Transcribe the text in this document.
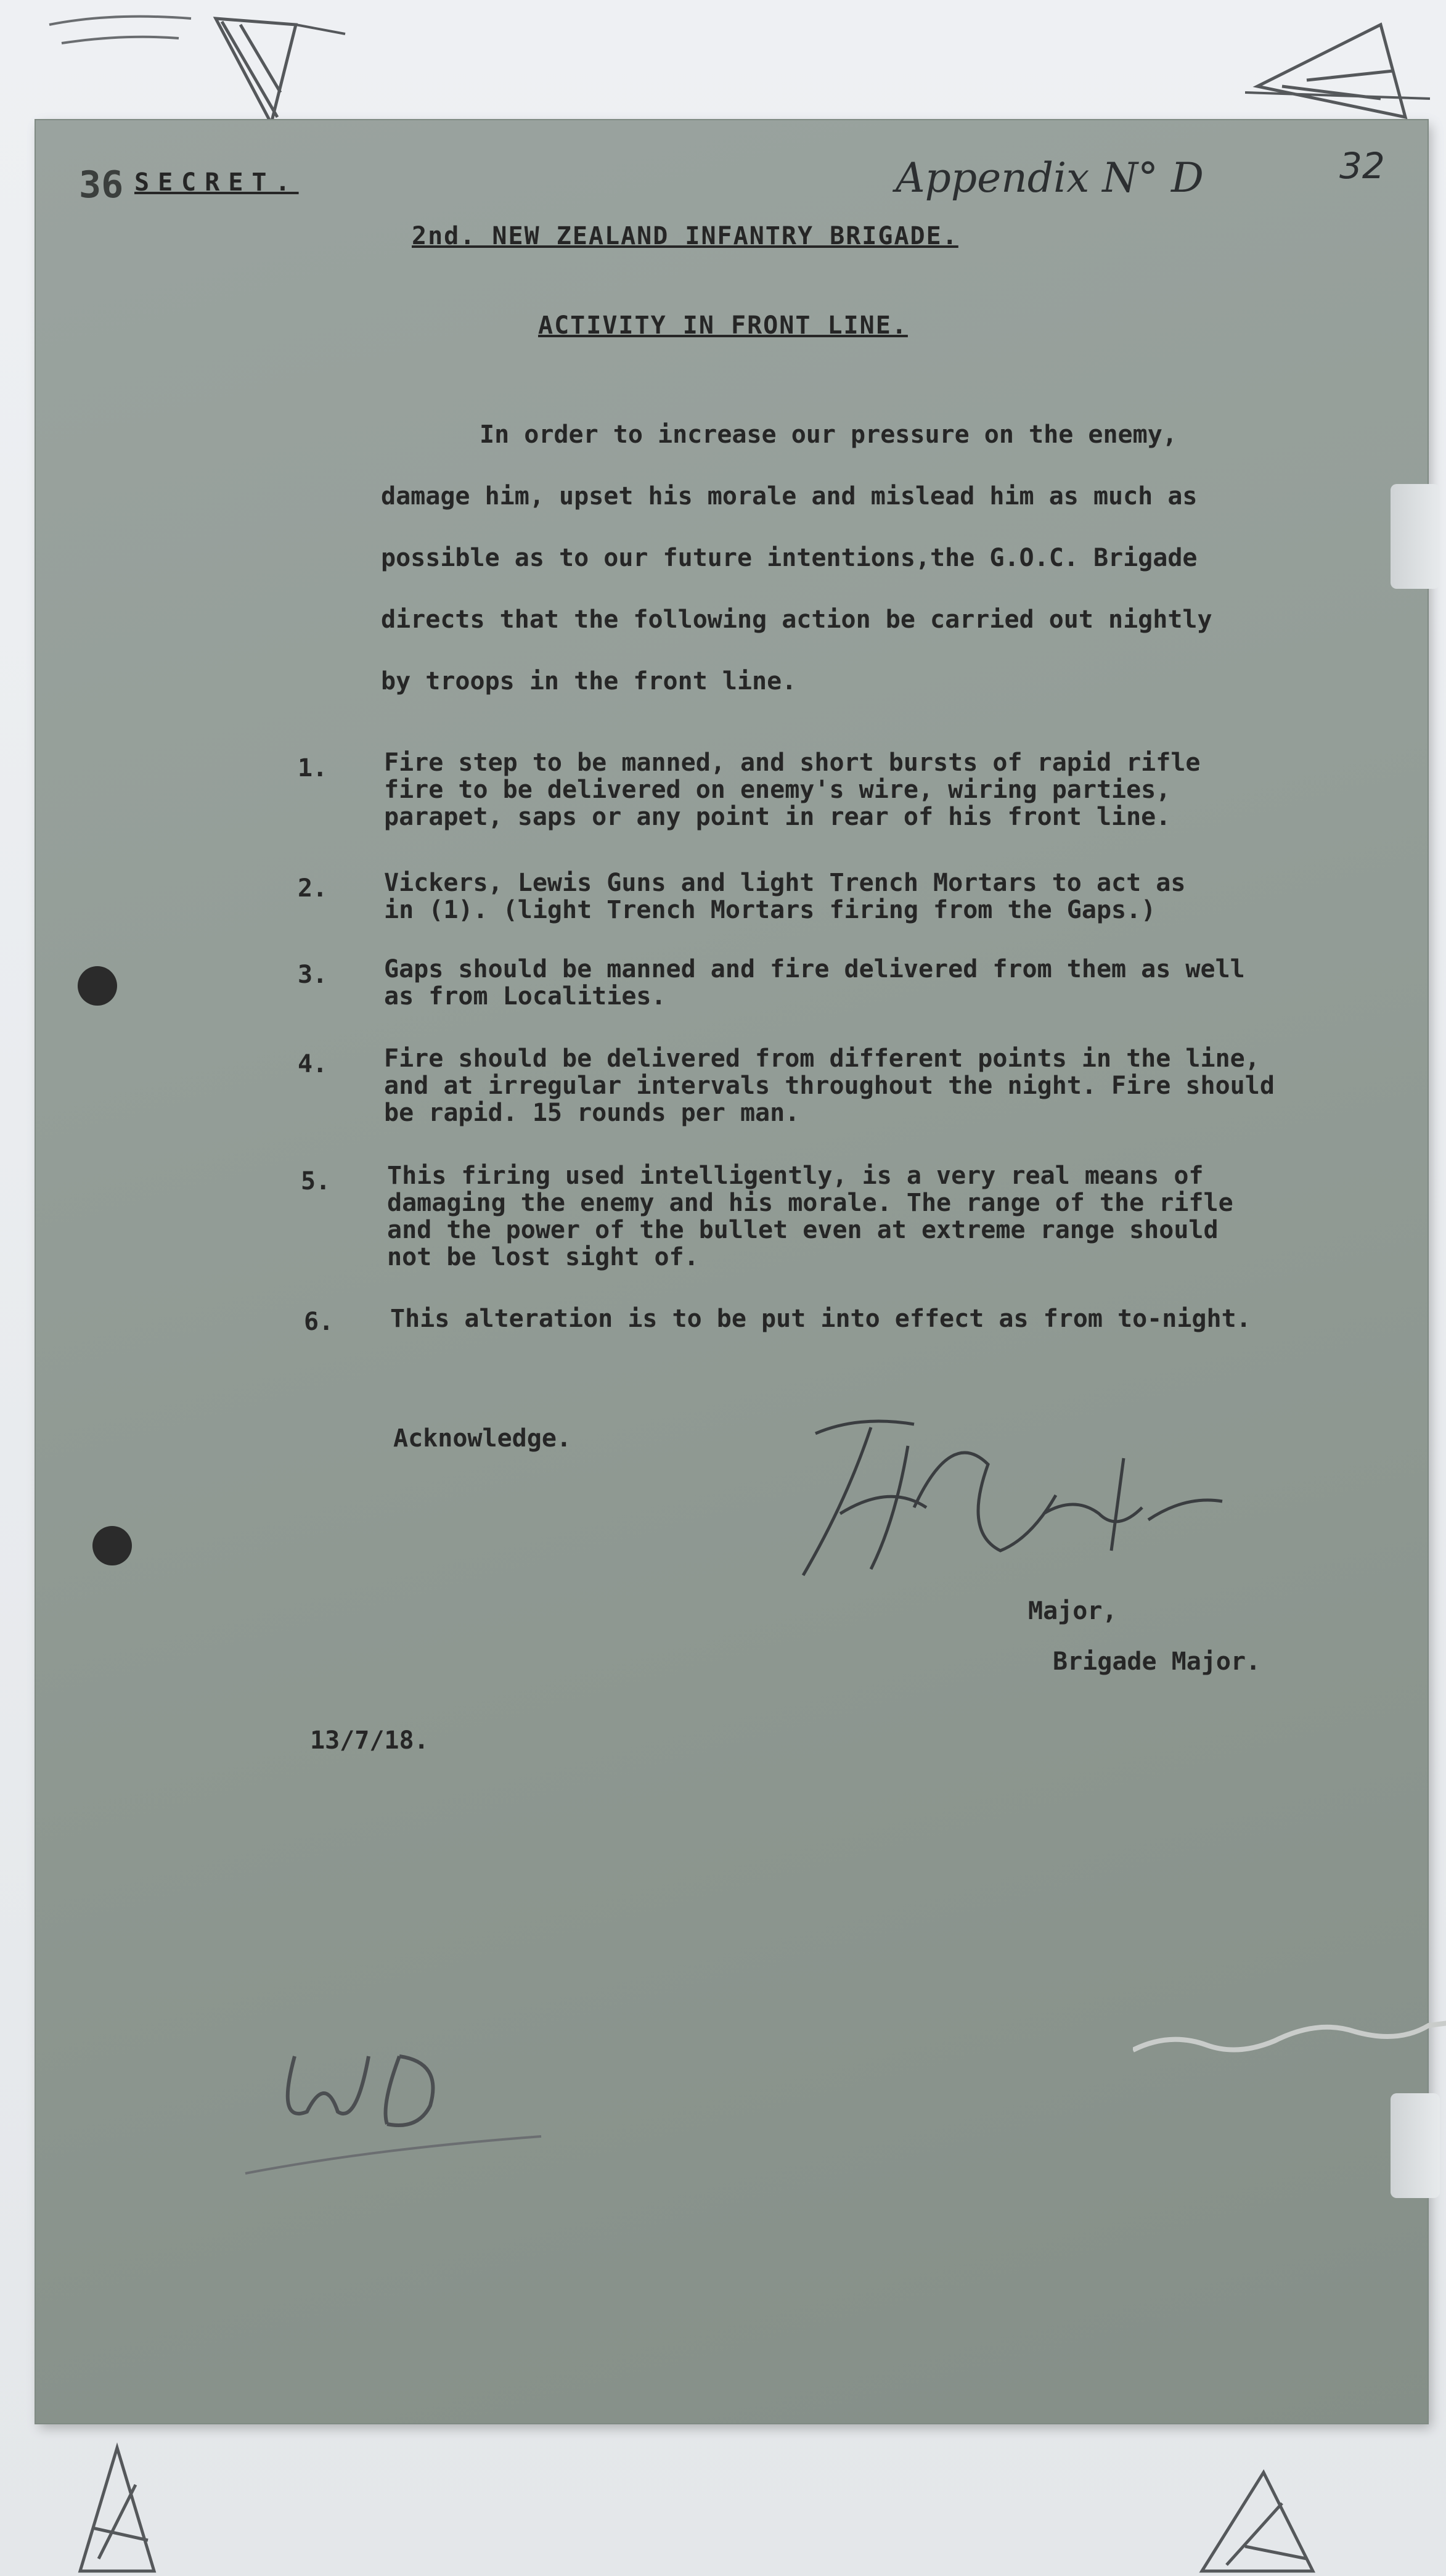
36 SECRET.	Appendix N° D	32
2nd. NEW ZEALAND INFANTRY BRIGADE.
ACTIVITY IN FRONT LINE.
In order to increase our pressure on the enemy,
damage him, upset his morale and mislead him as much as
possible as to our future intentions,the G.O.C. Brigade
directs that the following action be carried out nightly
by troops in the front line.
1. Fire step to be manned, and short bursts of rapid rifle
fire to be delivered on enemy's wire, wiring parties,
parapet, saps or any point in rear of his front line.
2. Vickers, Lewis Guns and light Trench Mortars to act as
in (1). (light Trench Mortars firing from the Gaps.)
3. Gaps should be manned and fire delivered from them as well
as from Localities.
4. Fire should be delivered from different points in the line,
and at irregular intervals throughout the night. Fire should
be rapid. 15 rounds per man.
5. This firing used intelligently, is a very real means of
damaging the enemy and his morale. The range of the rifle
and the power of the bullet even at extreme range should
not be lost sight of.
6. This alteration is to be put into effect as from to-night.
Acknowledge.
Major,
Brigade Major.
13/7/18.
